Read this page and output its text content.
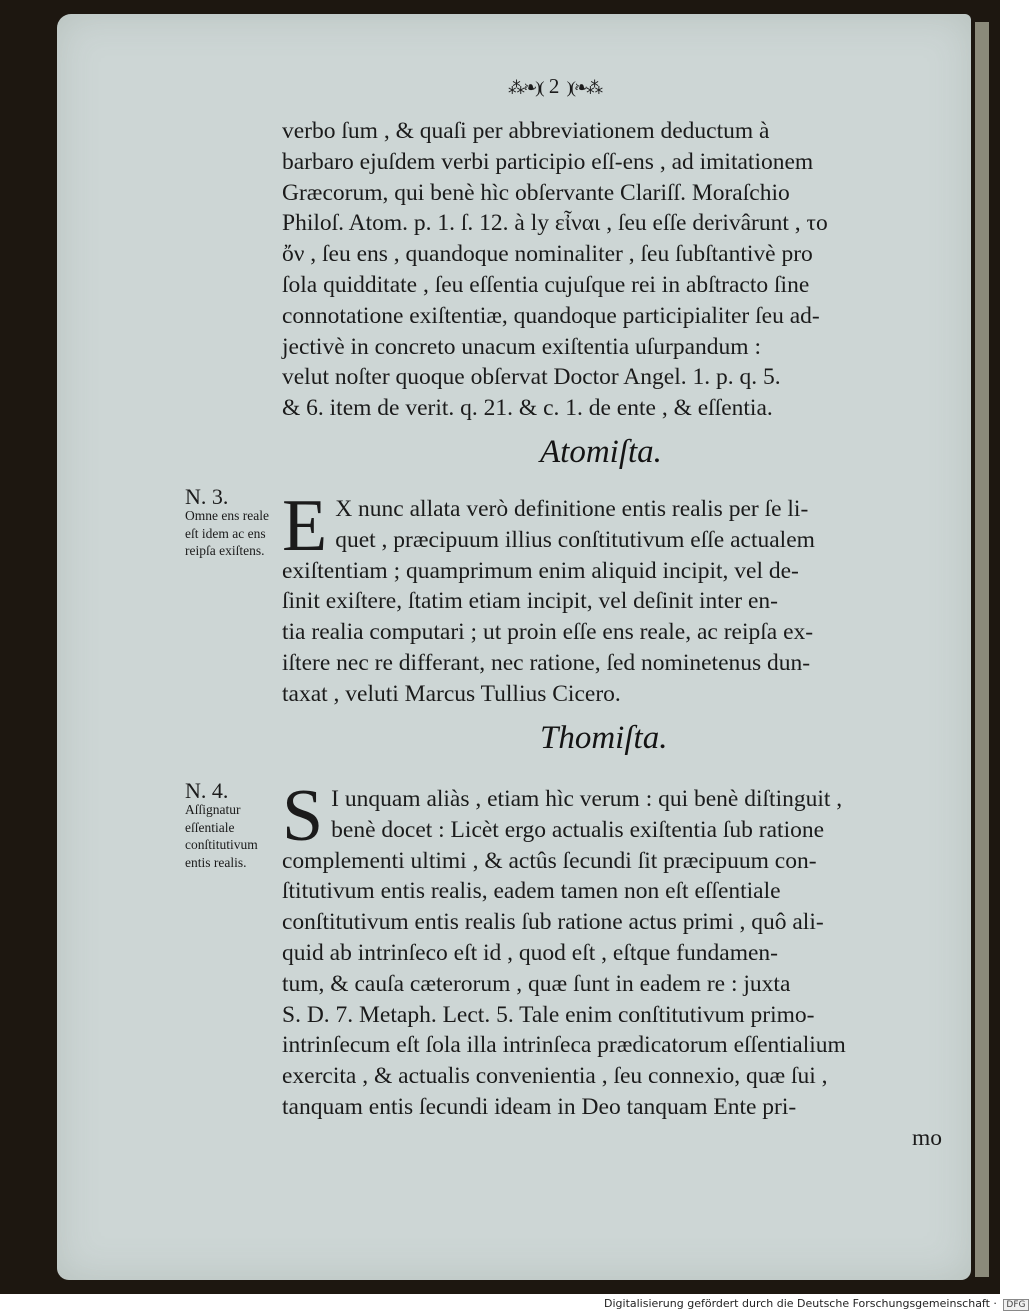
⁂❧)( 2 )(❧⁂

verbo ſum , & quaſi per abbreviationem deductum à

barbaro ejuſdem verbi participio eſſ-ens , ad imitationem

Græcorum, qui benè hìc obſervante Clariſſ. Moraſchio

Philoſ. Atom. p. 1. ſ. 12. à ly εἶναι , ſeu eſſe derivârunt , το

ὄν , ſeu ens , quandoque nominaliter , ſeu ſubſtantivè pro

ſola quidditate , ſeu eſſentia cujuſque rei in abſtracto ſine

connotatione exiſtentiæ, quandoque participialiter ſeu ad-

jectivè in concreto unacum exiſtentia uſurpandum :

velut noſter quoque obſervat Doctor Angel. 1. p. q. 5.

& 6. item de verit. q. 21. & c. 1. de ente , & eſſentia.

Atomiſta.
N. 3.
Omne ens reale eſt idem ac ens reipſa exiſtens. E X nunc allata verò definitione entis realis per ſe li-

quet , præcipuum illius conſtitutivum eſſe actualem

exiſtentiam ; quamprimum enim aliquid incipit, vel de-

ſinit exiſtere, ſtatim etiam incipit, vel deſinit inter en-

tia realia computari ; ut proin eſſe ens reale, ac reipſa ex-

iſtere nec re differant, nec ratione, ſed nominetenus dun-

taxat , veluti Marcus Tullius Cicero.

Thomiſta.
N. 4.
Aſſignatur eſſentiale conſtitutivum entis realis.
S I unquam aliàs , etiam hìc verum : qui benè diſtinguit ,

benè docet : Licèt ergo actualis exiſtentia ſub ratione

complementi ultimi , & actûs ſecundi ſit præcipuum con-

ſtitutivum entis realis, eadem tamen non eſt eſſentiale

conſtitutivum entis realis ſub ratione actus primi , quô ali-

quid ab intrinſeco eſt id , quod eſt , eſtque fundamen-

tum, & cauſa cæterorum , quæ ſunt in eadem re : juxta

S. D. 7. Metaph. Lect. 5. Tale enim conſtitutivum primo-

intrinſecum eſt ſola illa intrinſeca prædicatorum eſſentialium

exercita , & actualis convenientia , ſeu connexio, quæ ſui ,

tanquam entis ſecundi ideam in Deo tanquam Ente pri-

mo

Digitalisierung gefördert durch die Deutsche Forschungsgemeinschaft · DFG
